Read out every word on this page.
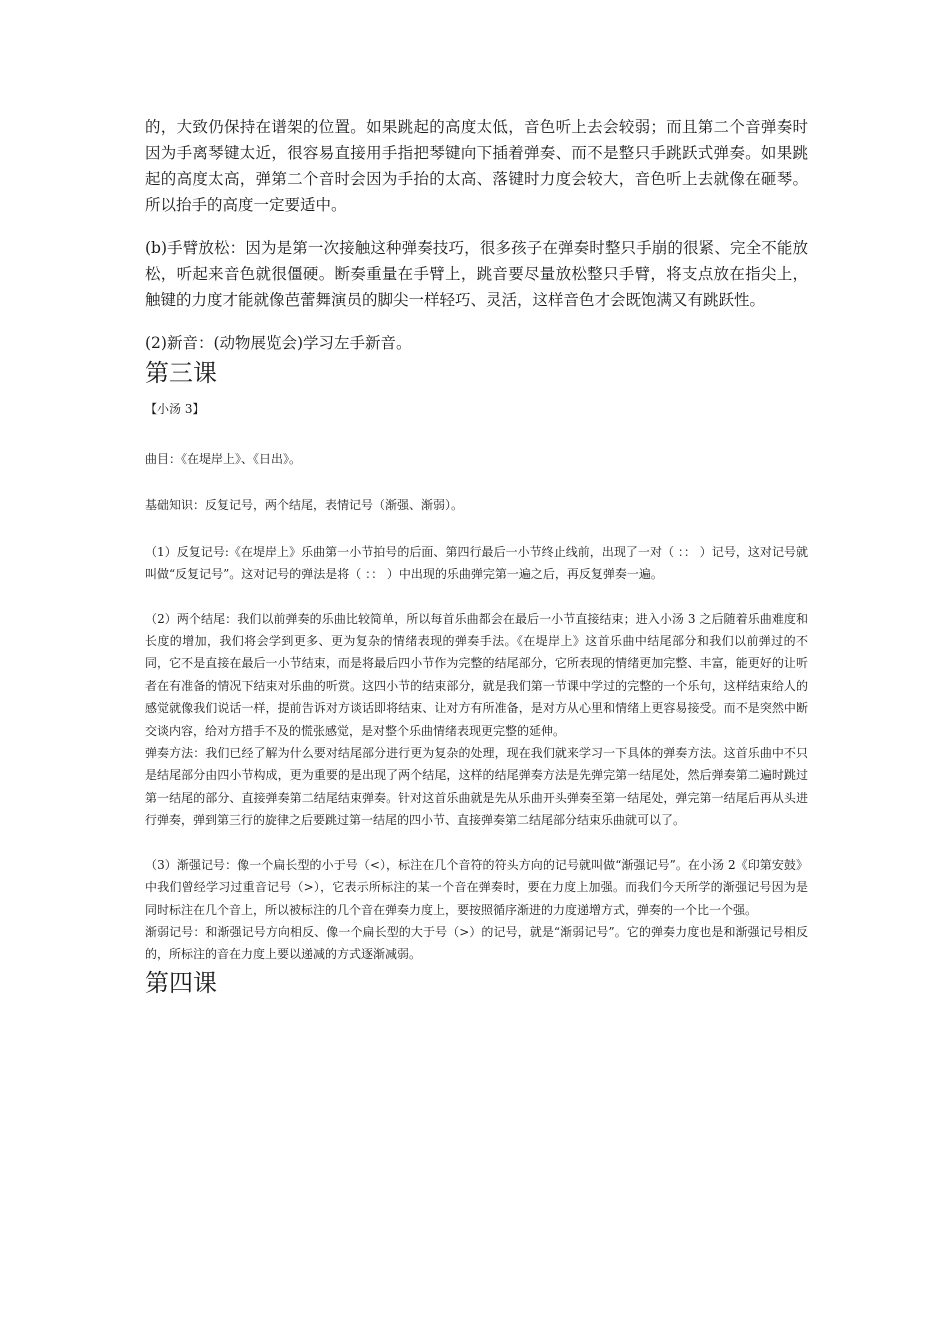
的，大致仍保持在谱架的位置。如果跳起的高度太低，音色听上去会较弱；而且第二个音弹奏时因为手离琴键太近，很容易直接用手指把琴键向下插着弹奏、而不是整只手跳跃式弹奏。如果跳起的高度太高，弹第二个音时会因为手抬的太高、落键时力度会较大，音色听上去就像在砸琴。所以抬手的高度一定要适中。

(b)手臂放松：因为是第一次接触这种弹奏技巧，很多孩子在弹奏时整只手崩的很紧、完全不能放松，听起来音色就很僵硬。断奏重量在手臂上，跳音要尽量放松整只手臂，将支点放在指尖上，触键的力度才能就像芭蕾舞演员的脚尖一样轻巧、灵活，这样音色才会既饱满又有跳跃性。

(2)新音：(动物展览会)学习左手新音。

第三课

【小汤 3】

曲目：《在堤岸上》、《日出》。

基础知识：反复记号，两个结尾，表情记号（渐强、渐弱）。

（1）反复记号:《在堤岸上》乐曲第一小节拍号的后面、第四行最后一小节终止线前，出现了一对（ ：： ）记号，这对记号就叫做“反复记号”。这对记号的弹法是将（ ：： ）中出现的乐曲弹完第一遍之后，再反复弹奏一遍。

（2）两个结尾：我们以前弹奏的乐曲比较简单，所以每首乐曲都会在最后一小节直接结束；进入小汤 3 之后随着乐曲难度和长度的增加，我们将会学到更多、更为复杂的情绪表现的弹奏手法。《在堤岸上》这首乐曲中结尾部分和我们以前弹过的不同，它不是直接在最后一小节结束，而是将最后四小节作为完整的结尾部分，它所表现的情绪更加完整、丰富，能更好的让听者在有准备的情况下结束对乐曲的听赏。这四小节的结束部分，就是我们第一节课中学过的完整的一个乐句，这样结束给人的感觉就像我们说话一样，提前告诉对方谈话即将结束、让对方有所准备，是对方从心里和情绪上更容易接受。而不是突然中断交谈内容，给对方措手不及的慌张感觉，是对整个乐曲情绪表现更完整的延伸。

弹奏方法：我们已经了解为什么要对结尾部分进行更为复杂的处理，现在我们就来学习一下具体的弹奏方法。这首乐曲中不只是结尾部分由四小节构成，更为重要的是出现了两个结尾，这样的结尾弹奏方法是先弹完第一结尾处，然后弹奏第二遍时跳过第一结尾的部分、直接弹奏第二结尾结束弹奏。针对这首乐曲就是先从乐曲开头弹奏至第一结尾处，弹完第一结尾后再从头进行弹奏，弹到第三行的旋律之后要跳过第一结尾的四小节、直接弹奏第二结尾部分结束乐曲就可以了。

（3）渐强记号：像一个扁长型的小于号（<），标注在几个音符的符头方向的记号就叫做“渐强记号”。在小汤 2《印第安鼓》中我们曾经学习过重音记号（>），它表示所标注的某一个音在弹奏时，要在力度上加强。而我们今天所学的渐强记号因为是同时标注在几个音上，所以被标注的几个音在弹奏力度上，要按照循序渐进的力度递增方式，弹奏的一个比一个强。

渐弱记号：和渐强记号方向相反、像一个扁长型的大于号（>）的记号，就是“渐弱记号”。它的弹奏力度也是和渐强记号相反的，所标注的音在力度上要以递减的方式逐渐减弱。

第四课
